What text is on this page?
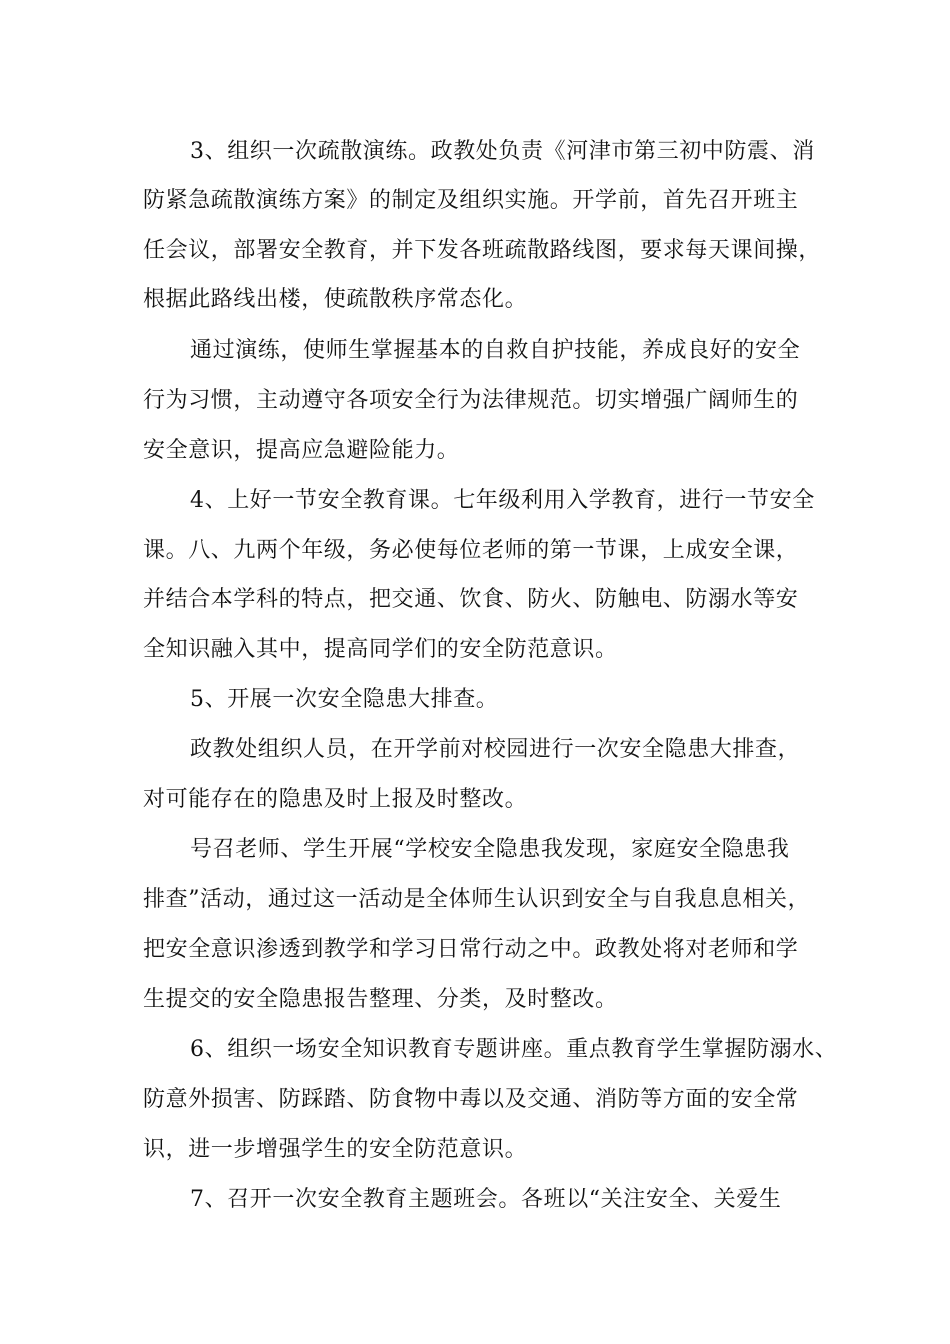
3、组织一次疏散演练。政教处负责《河津市第三初中防震、消

防紧急疏散演练方案》的制定及组织实施。开学前，首先召开班主

任会议，部署安全教育，并下发各班疏散路线图，要求每天课间操，

根据此路线出楼，使疏散秩序常态化。

通过演练，使师生掌握基本的自救自护技能，养成良好的安全

行为习惯，主动遵守各项安全行为法律规范。切实增强广阔师生的

安全意识，提高应急避险能力。

4、上好一节安全教育课。七年级利用入学教育，进行一节安全

课。八、九两个年级，务必使每位老师的第一节课，上成安全课，

并结合本学科的特点，把交通、饮食、防火、防触电、防溺水等安

全知识融入其中，提高同学们的安全防范意识。

5、开展一次安全隐患大排查。

政教处组织人员，在开学前对校园进行一次安全隐患大排查，

对可能存在的隐患及时上报及时整改。

号召老师、学生开展“学校安全隐患我发现，家庭安全隐患我

排查”活动，通过这一活动是全体师生认识到安全与自我息息相关，

把安全意识渗透到教学和学习日常行动之中。政教处将对老师和学

生提交的安全隐患报告整理、分类，及时整改。

6、组织一场安全知识教育专题讲座。重点教育学生掌握防溺水、

防意外损害、防踩踏、防食物中毒以及交通、消防等方面的安全常

识，进一步增强学生的安全防范意识。

7、召开一次安全教育主题班会。各班以“关注安全、关爱生
